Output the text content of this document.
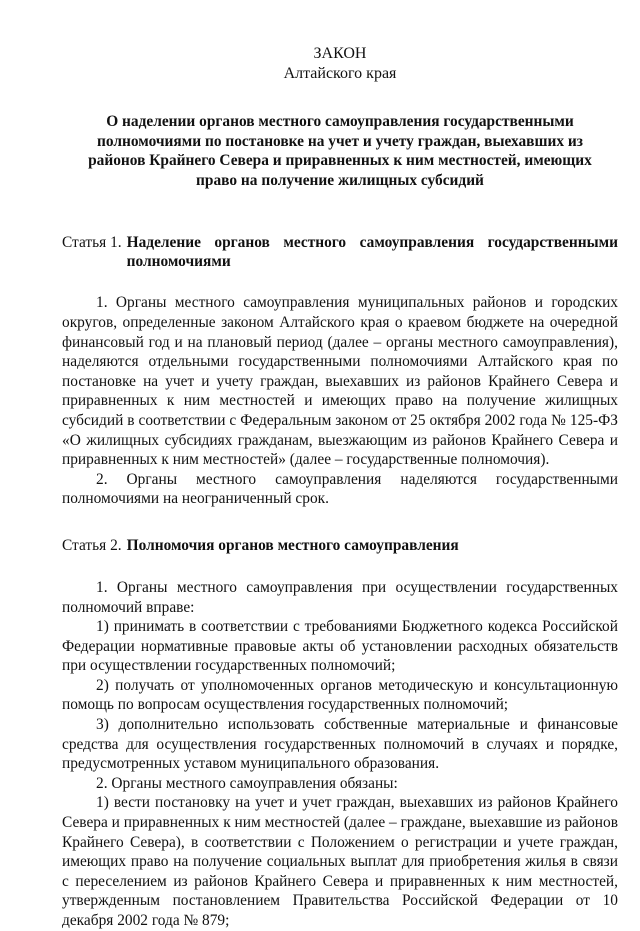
ЗАКОН
Алтайского края
О наделении органов местного самоуправления государственными полномочиями по постановке на учет и учету граждан, выехавших из районов Крайнего Севера и приравненных к ним местностей, имеющих право на получение жилищных субсидий
Статья 1. Наделение органов местного самоуправления государственными полномочиями

1. Органы местного самоуправления муниципальных районов и городских округов, определенные законом Алтайского края о краевом бюджете на очередной финансовый год и на плановый период (далее – органы местного самоуправления), наделяются отдельными государственными полномочиями Алтайского края по постановке на учет и учету граждан, выехавших из районов Крайнего Севера и приравненных к ним местностей и имеющих право на получение жилищных субсидий в соответствии с Федеральным законом от 25 октября 2002 года № 125-ФЗ «О жилищных субсидиях гражданам, выезжающим из районов Крайнего Севера и приравненных к ним местностей» (далее – государственные полномочия).

2. Органы местного самоуправления наделяются государственными полномочиями на неограниченный срок.

Статья 2. Полномочия органов местного самоуправления

1. Органы местного самоуправления при осуществлении государственных полномочий вправе:

1) принимать в соответствии с требованиями Бюджетного кодекса Российской Федерации нормативные правовые акты об установлении расходных обязательств при осуществлении государственных полномочий;

2) получать от уполномоченных органов методическую и консультационную помощь по вопросам осуществления государственных полномочий;

3) дополнительно использовать собственные материальные и финансовые средства для осуществления государственных полномочий в случаях и порядке, предусмотренных уставом муниципального образования.

2. Органы местного самоуправления обязаны:

1) вести постановку на учет и учет граждан, выехавших из районов Крайнего Севера и приравненных к ним местностей (далее – граждане, выехавшие из районов Крайнего Севера), в соответствии с Положением о регистрации и учете граждан, имеющих право на получение социальных выплат для приобретения жилья в связи с переселением из районов Крайнего Севера и приравненных к ним местностей, утвержденным постановлением Правительства Российской Федерации от 10 декабря 2002 года № 879;
